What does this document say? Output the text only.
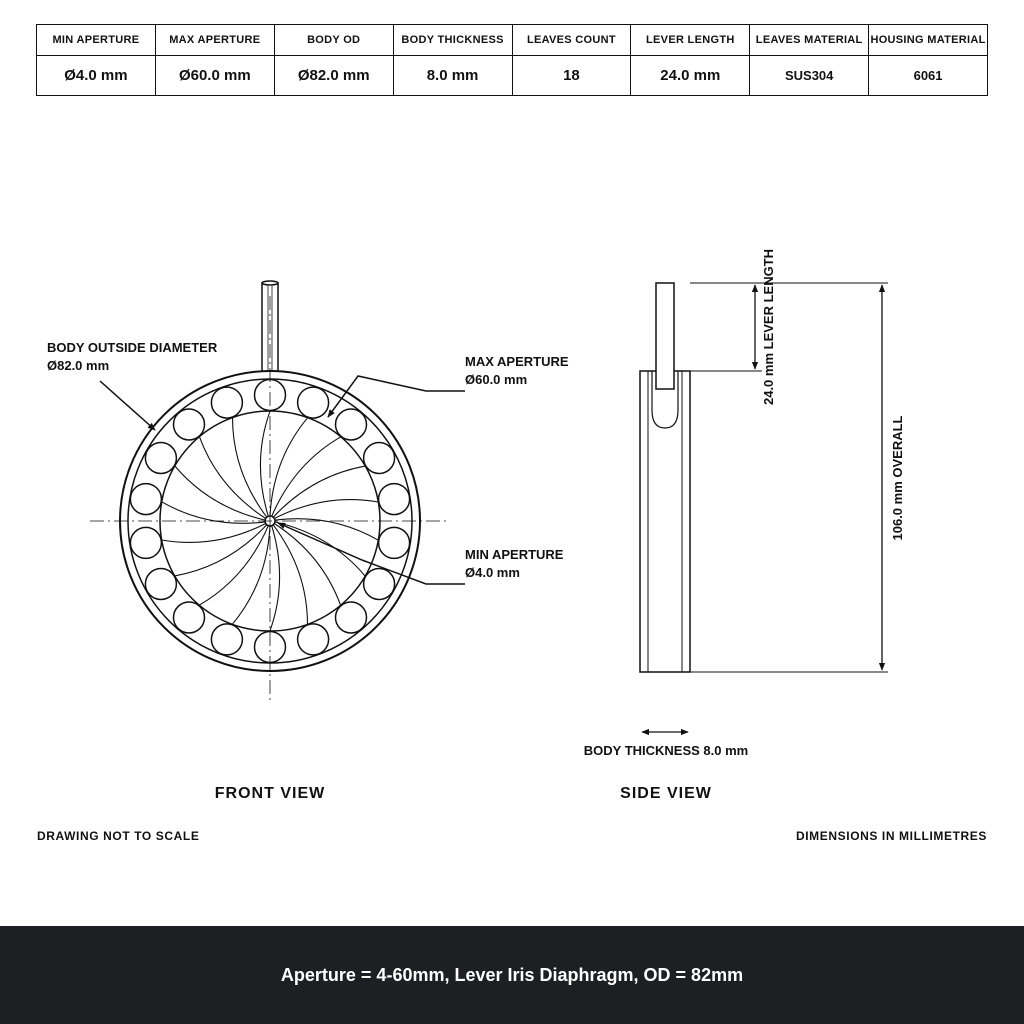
MIN APERTURE	MAX APERTURE	BODY OD	BODY THICKNESS	LEAVES COUNT	LEVER LENGTH	LEAVES MATERIAL	HOUSING MATERIAL
Ø4.0 mm	Ø60.0 mm	Ø82.0 mm	8.0 mm	18	24.0 mm	SUS304	6061
BODY OUTSIDE DIAMETER
Ø82.0 mm	MAX APERTURE
Ø60.0 mm
MIN APERTURE
Ø4.0 mm
FRONT VIEW
24.0 mm LEVER LENGTH
106.0 mm OVERALL
BODY THICKNESS 8.0 mm
SIDE VIEW
DRAWING NOT TO SCALE	DIMENSIONS IN MILLIMETRES
Aperture = 4-60mm, Lever Iris Diaphragm, OD = 82mm
